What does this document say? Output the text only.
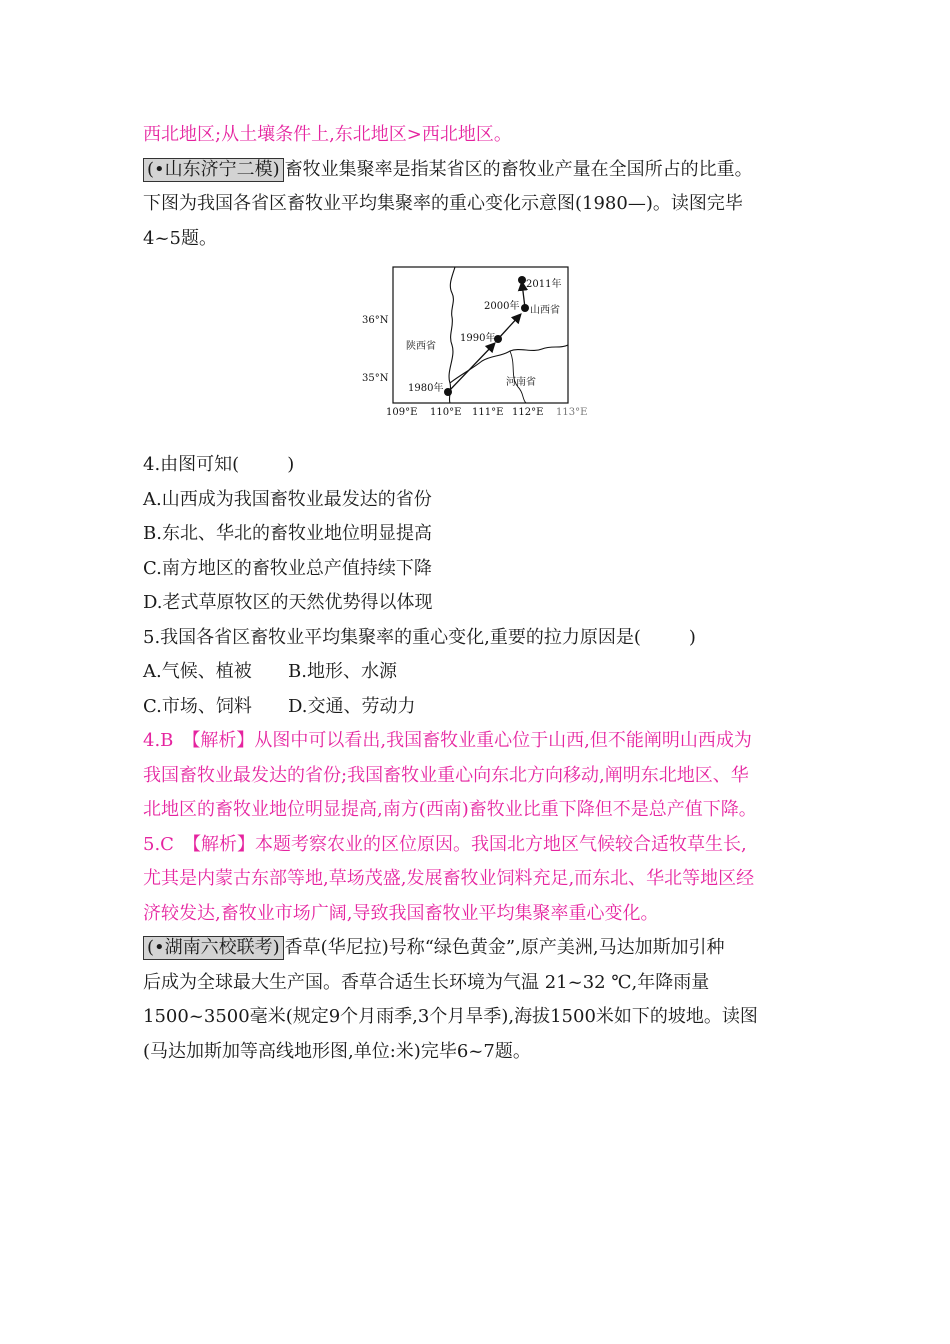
西北地区;从土壤条件上,东北地区>西北地区。
(•山东济宁二模) 畜牧业集聚率是指某省区的畜牧业产量在全国所占的比重。
下图为我国各省区畜牧业平均集聚率的重心变化示意图(1980—)。读图完毕
4~5题。
36°N
35°N
109°E 110°E 111°E 112°E 113°E
陕西省
山西省
河南省
1980年
1990年
2000年
2011年
4.由图可知(	)
A.山西成为我国畜牧业最发达的省份
B.东北、华北的畜牧业地位明显提高
C.南方地区的畜牧业总产值持续下降
D.老式草原牧区的天然优势得以体现
5.我国各省区畜牧业平均集聚率的重心变化,重要的拉力原因是(	)
A.气候、植被 B.地形、水源
C.市场、饲料 D.交通、劳动力
4.B　【解析】从图中可以看出,我国畜牧业重心位于山西,但不能阐明山西成为
我国畜牧业最发达的省份;我国畜牧业重心向东北方向移动,阐明东北地区、华
北地区的畜牧业地位明显提高,南方(西南)畜牧业比重下降但不是总产值下降。
5.C　【解析】本题考察农业的区位原因。我国北方地区气候较合适牧草生长,
尤其是内蒙古东部等地,草场茂盛,发展畜牧业饲料充足,而东北、华北等地区经
济较发达,畜牧业市场广阔,导致我国畜牧业平均集聚率重心变化。
(•湖南六校联考) 香草(华尼拉)号称“绿色黄金”,原产美洲,马达加斯加引种
后成为全球最大生产国。香草合适生长环境为气温 21~32 ℃,年降雨量
1500~3500毫米(规定9个月雨季,3个月旱季),海拔1500米如下的坡地。读图
(马达加斯加等高线地形图,单位:米)完毕6~7题。
